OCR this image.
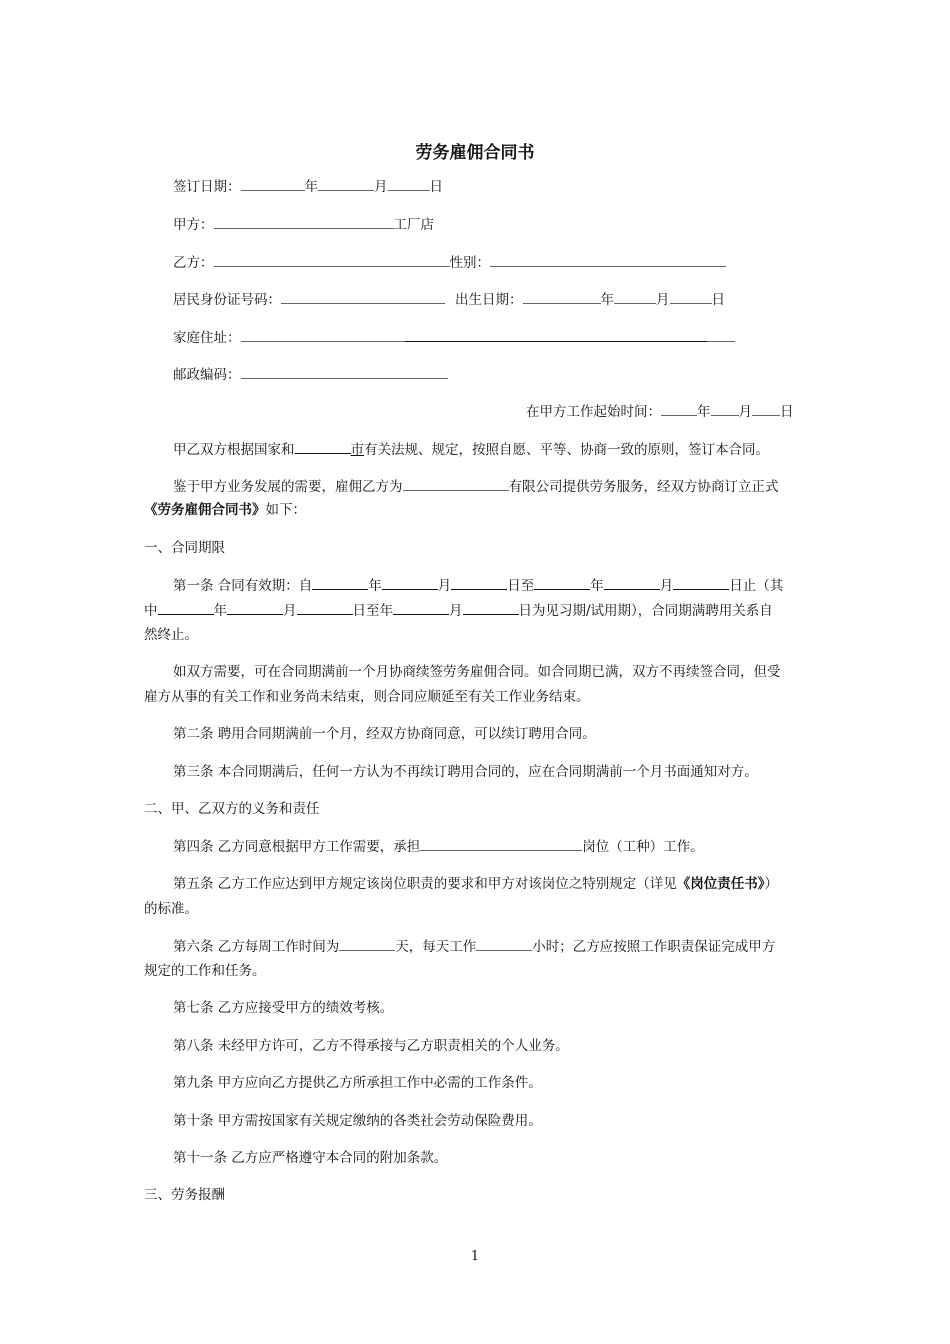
劳务雇佣合同书
签订日期：	年	月	日
甲方：	工厂店
乙方：	性别：
居民身份证号码：	出生日期：	年	月	日
家庭住址：
邮政编码：
在甲方工作起始时间：	年 月 日
甲乙双方根据国家和	市有关法规、规定，按照自愿、平等、协商一致的原则，签订本合同。
鉴于甲方业务发展的需要，雇佣乙方为	有限公司提供劳务服务，经双方协商订立正式
《劳务雇佣合同书》如下：
一、合同期限
第一条 合同有效期：自	年	月	日至	年	月	日止（其
中	年	月	日至年	月	日为见习期/试用期），合同期满聘用关系自
然终止。
如双方需要，可在合同期满前一个月协商续签劳务雇佣合同。如合同期已满，双方不再续签合同，但受
雇方从事的有关工作和业务尚未结束，则合同应顺延至有关工作业务结束。
第二条 聘用合同期满前一个月，经双方协商同意，可以续订聘用合同。
第三条 本合同期满后，任何一方认为不再续订聘用合同的，应在合同期满前一个月书面通知对方。
二、甲、乙双方的义务和责任
第四条 乙方同意根据甲方工作需要，承担	岗位（工种）工作。
第五条 乙方工作应达到甲方规定该岗位职责的要求和甲方对该岗位之特别规定（详见《岗位责任书》）
的标准。
第六条 乙方每周工作时间为	天，每天工作	小时；乙方应按照工作职责保证完成甲方
规定的工作和任务。
第七条 乙方应接受甲方的绩效考核。
第八条 未经甲方许可，乙方不得承接与乙方职责相关的个人业务。
第九条 甲方应向乙方提供乙方所承担工作中必需的工作条件。
第十条 甲方需按国家有关规定缴纳的各类社会劳动保险费用。
第十一条 乙方应严格遵守本合同的附加条款。
三、劳务报酬
1
